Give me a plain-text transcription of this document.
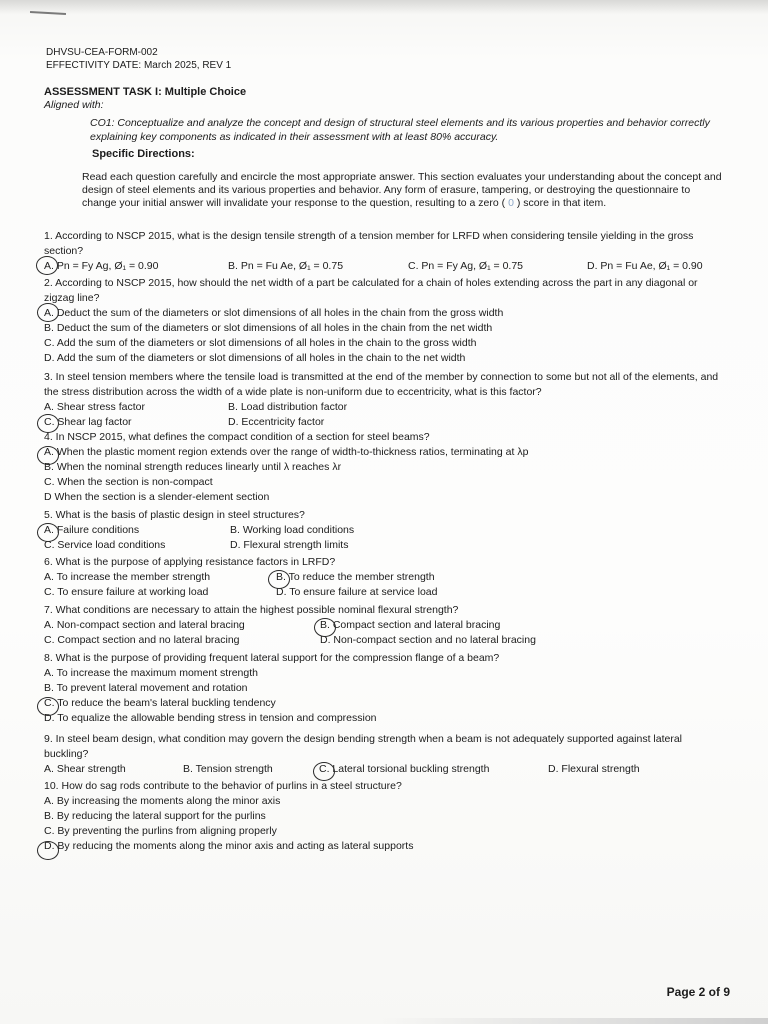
DHVSU-CEA-FORM-002
EFFECTIVITY DATE: March 2025, REV 1
ASSESSMENT TASK I: Multiple Choice
Aligned with:
CO1: Conceptualize and analyze the concept and design of structural steel elements and its various properties and behavior correctly explaining key components as indicated in their assessment with at least 80% accuracy.
Specific Directions:
Read each question carefully and encircle the most appropriate answer. This section evaluates your understanding about the concept and design of steel elements and its various properties and behavior. Any form of erasure, tampering, or destroying the questionnaire to change your initial answer will invalidate your response to the question, resulting to a zero ( 0 ) score in that item.
1. According to NSCP 2015, what is the design tensile strength of a tension member for LRFD when considering tensile yielding in the gross section?
A. Pn = Fy Ag, Ø₁ = 0.90	B. Pn = Fu Ae, Ø₁ = 0.75	C. Pn = Fy Ag, Ø₁ = 0.75	D. Pn = Fu Ae, Ø₁ = 0.90
2. According to NSCP 2015, how should the net width of a part be calculated for a chain of holes extending across the part in any diagonal or zigzag line?
A. Deduct the sum of the diameters or slot dimensions of all holes in the chain from the gross width
B. Deduct the sum of the diameters or slot dimensions of all holes in the chain from the net width
C. Add the sum of the diameters or slot dimensions of all holes in the chain to the gross width
D. Add the sum of the diameters or slot dimensions of all holes in the chain to the net width
3. In steel tension members where the tensile load is transmitted at the end of the member by connection to some but not all of the elements, and the stress distribution across the width of a wide plate is non-uniform due to eccentricity, what is this factor?
A. Shear stress factor	B. Load distribution factor
C. Shear lag factor	D. Eccentricity factor
4. In NSCP 2015, what defines the compact condition of a section for steel beams?
A. When the plastic moment region extends over the range of width-to-thickness ratios, terminating at λp
B. When the nominal strength reduces linearly until λ reaches λr
C. When the section is non-compact
D When the section is a slender-element section
5. What is the basis of plastic design in steel structures?
A. Failure conditions	B. Working load conditions
C. Service load conditions	D. Flexural strength limits
6. What is the purpose of applying resistance factors in LRFD?
A. To increase the member strength	B. To reduce the member strength
C. To ensure failure at working load	D. To ensure failure at service load
7. What conditions are necessary to attain the highest possible nominal flexural strength?
A. Non-compact section and lateral bracing	B. Compact section and lateral bracing
C. Compact section and no lateral bracing	D. Non-compact section and no lateral bracing
8. What is the purpose of providing frequent lateral support for the compression flange of a beam?
A. To increase the maximum moment strength
B. To prevent lateral movement and rotation
C. To reduce the beam's lateral buckling tendency
D. To equalize the allowable bending stress in tension and compression
9. In steel beam design, what condition may govern the design bending strength when a beam is not adequately supported against lateral buckling?
A. Shear strength	B. Tension strength	C. Lateral torsional buckling strength	D. Flexural strength
10. How do sag rods contribute to the behavior of purlins in a steel structure?
A. By increasing the moments along the minor axis
B. By reducing the lateral support for the purlins
C. By preventing the purlins from aligning properly
D. By reducing the moments along the minor axis and acting as lateral supports
Page 2 of 9
